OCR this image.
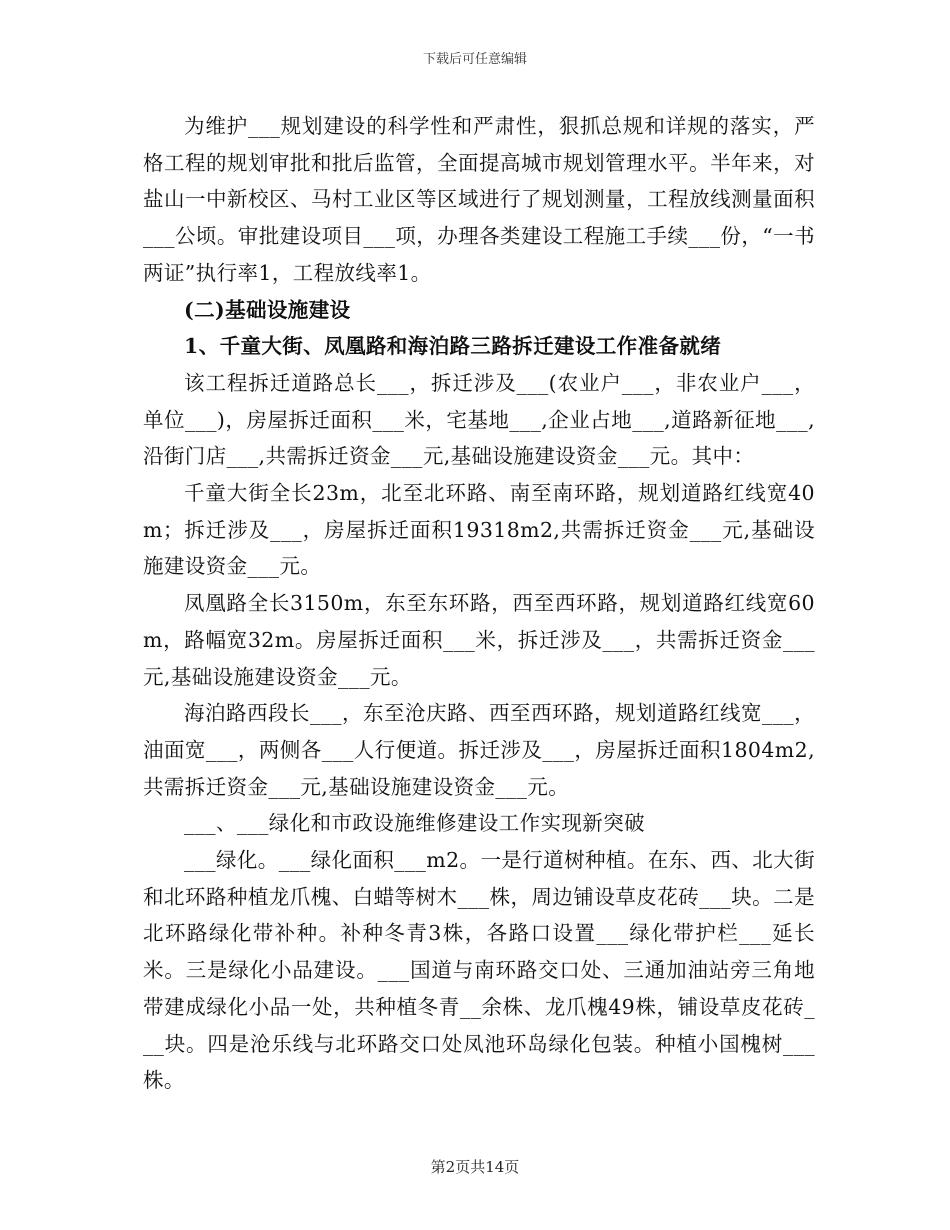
下载后可任意编辑

为维护___规划建设的科学性和严肃性，狠抓总规和详规的落实，严格工程的规划审批和批后监管，全面提高城市规划管理水平。半年来，对盐山一中新校区、马村工业区等区域进行了规划测量，工程放线测量面积___公顷。审批建设项目___项，办理各类建设工程施工手续___份，“一书两证”执行率1，工程放线率1。

(二)基础设施建设

1、千童大街、凤凰路和海泊路三路拆迁建设工作准备就绪

该工程拆迁道路总长___，拆迁涉及___(农业户___，非农业户___，单位___)，房屋拆迁面积___米，宅基地___,企业占地___,道路新征地___,沿街门店___,共需拆迁资金___元,基础设施建设资金___元。其中：

千童大街全长23m，北至北环路、南至南环路，规划道路红线宽40m；拆迁涉及___，房屋拆迁面积19318m2,共需拆迁资金___元,基础设施建设资金___元。

凤凰路全长3150m，东至东环路，西至西环路，规划道路红线宽60m，路幅宽32m。房屋拆迁面积___米，拆迁涉及___，共需拆迁资金___元,基础设施建设资金___元。

海泊路西段长___，东至沧庆路、西至西环路，规划道路红线宽___，油面宽___，两侧各___人行便道。拆迁涉及___，房屋拆迁面积1804m2,共需拆迁资金___元,基础设施建设资金___元。

___、___绿化和市政设施维修建设工作实现新突破

___绿化。___绿化面积___m2。一是行道树种植。在东、西、北大街和北环路种植龙爪槐、白蜡等树木___株，周边铺设草皮花砖___块。二是北环路绿化带补种。补种冬青3株，各路口设置___绿化带护栏___延长米。三是绿化小品建设。___国道与南环路交口处、三通加油站旁三角地带建成绿化小品一处，共种植冬青__余株、龙爪槐49株，铺设草皮花砖___块。四是沧乐线与北环路交口处凤池环岛绿化包装。种植小国槐树___株。

第2页共14页
